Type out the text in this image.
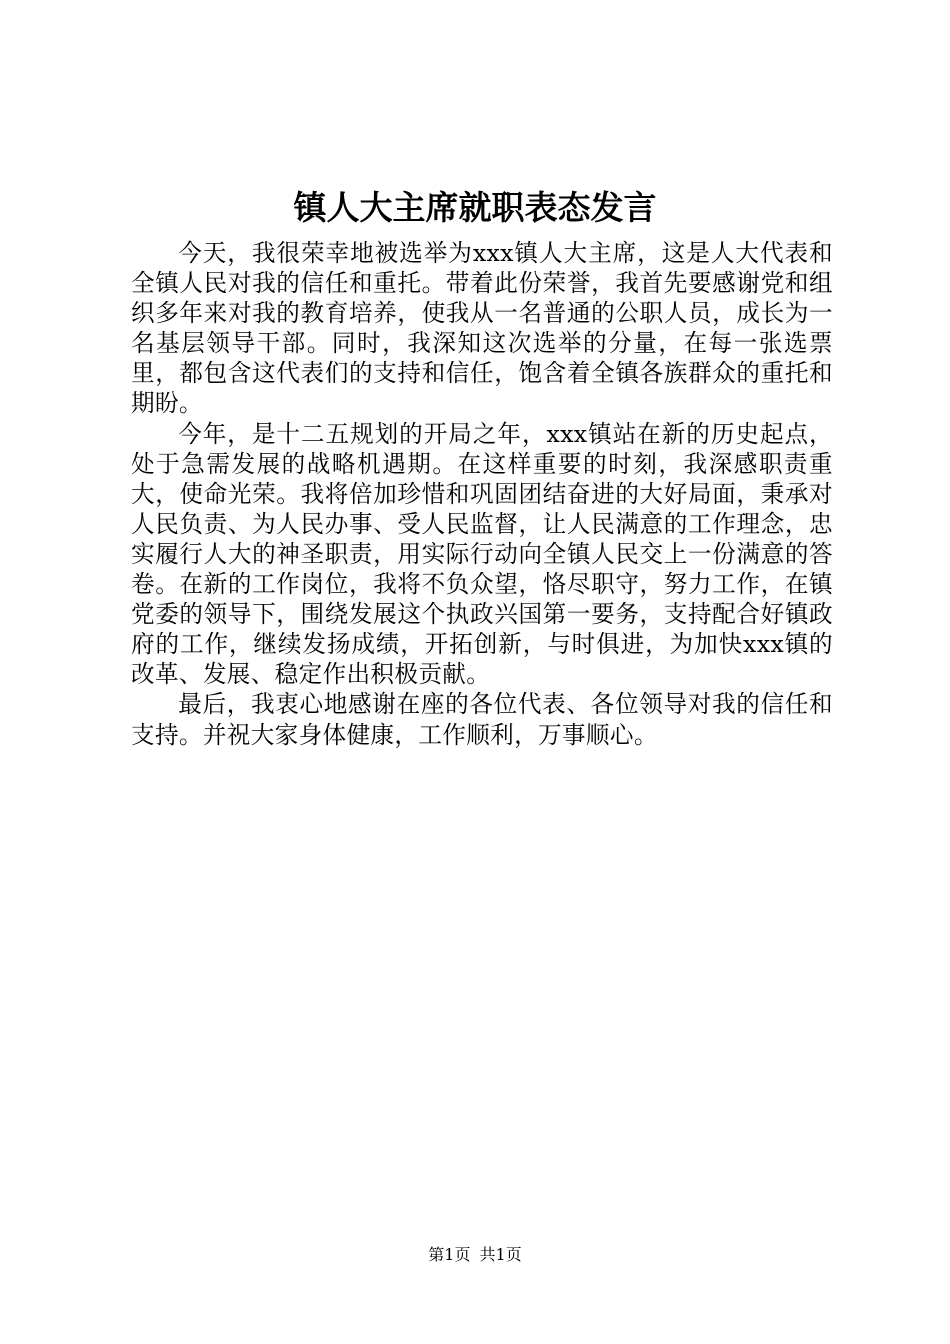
镇人大主席就职表态发言

今天，我很荣幸地被选举为xxx镇人大主席，这是人大代表和全镇人民对我的信任和重托。带着此份荣誉，我首先要感谢党和组织多年来对我的教育培养，使我从一名普通的公职人员，成长为一名基层领导干部。同时，我深知这次选举的分量，在每一张选票里，都包含这代表们的支持和信任，饱含着全镇各族群众的重托和期盼。

今年，是十二五规划的开局之年，xxx镇站在新的历史起点，处于急需发展的战略机遇期。在这样重要的时刻，我深感职责重大，使命光荣。我将倍加珍惜和巩固团结奋进的大好局面，秉承对人民负责、为人民办事、受人民监督，让人民满意的工作理念，忠实履行人大的神圣职责，用实际行动向全镇人民交上一份满意的答卷。在新的工作岗位，我将不负众望，恪尽职守，努力工作，在镇党委的领导下，围绕发展这个执政兴国第一要务，支持配合好镇政府的工作，继续发扬成绩，开拓创新，与时俱进，为加快xxx镇的改革、发展、稳定作出积极贡献。

最后，我衷心地感谢在座的各位代表、各位领导对我的信任和支持。并祝大家身体健康，工作顺利，万事顺心。

第1页 共1页
